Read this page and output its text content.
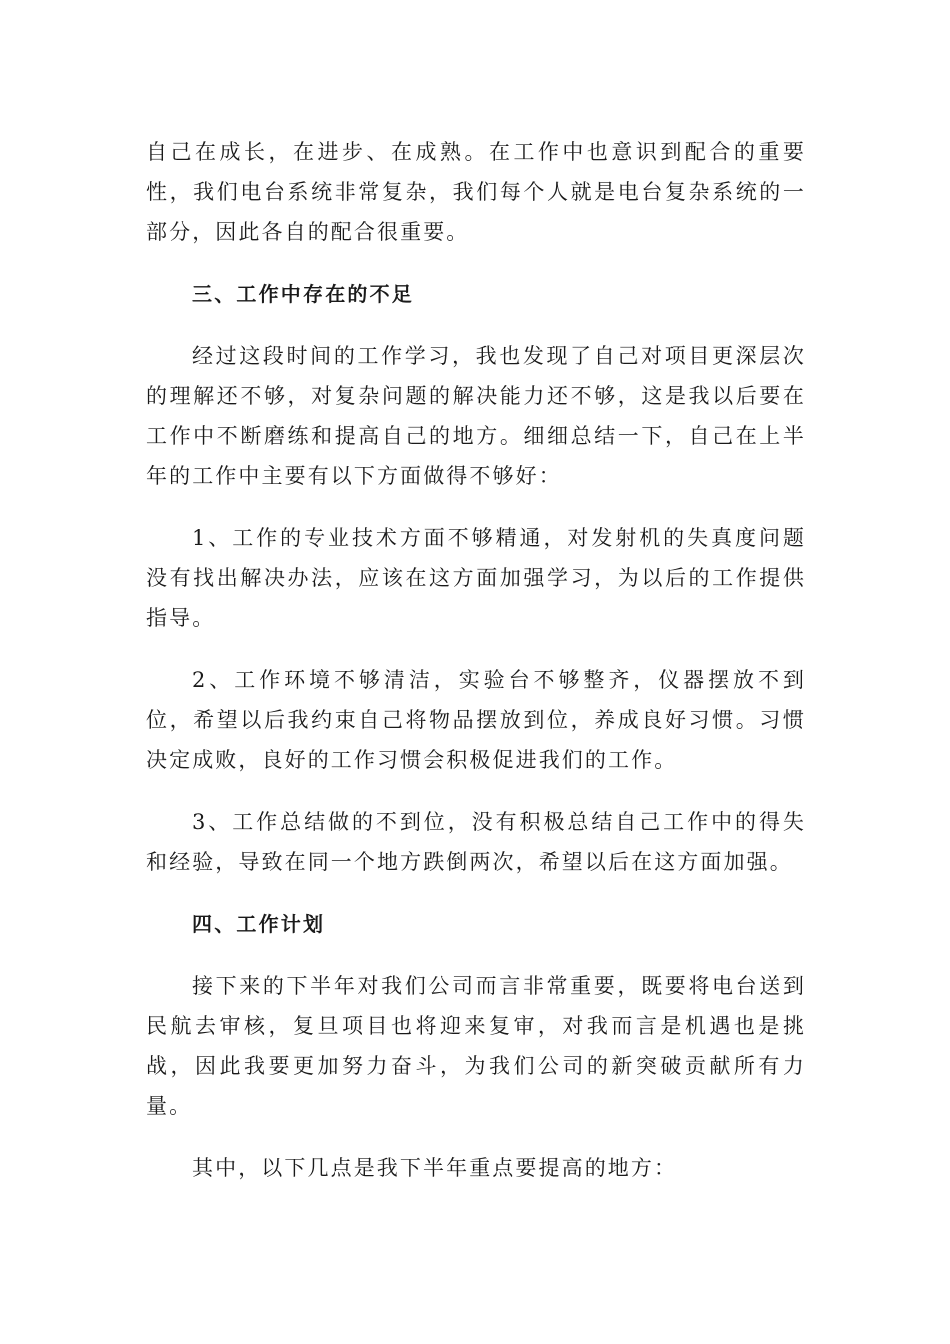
自己在成长，在进步、在成熟。在工作中也意识到配合的重要性，我们电台系统非常复杂，我们每个人就是电台复杂系统的一部分，因此各自的配合很重要。

三、工作中存在的不足

经过这段时间的工作学习，我也发现了自己对项目更深层次的理解还不够，对复杂问题的解决能力还不够，这是我以后要在工作中不断磨练和提高自己的地方。细细总结一下，自己在上半年的工作中主要有以下方面做得不够好：

1、工作的专业技术方面不够精通，对发射机的失真度问题没有找出解决办法，应该在这方面加强学习，为以后的工作提供指导。

2、工作环境不够清洁，实验台不够整齐，仪器摆放不到位，希望以后我约束自己将物品摆放到位，养成良好习惯。习惯决定成败，良好的工作习惯会积极促进我们的工作。

3、工作总结做的不到位，没有积极总结自己工作中的得失和经验，导致在同一个地方跌倒两次，希望以后在这方面加强。

四、工作计划

接下来的下半年对我们公司而言非常重要，既要将电台送到民航去审核，复旦项目也将迎来复审，对我而言是机遇也是挑战，因此我要更加努力奋斗，为我们公司的新突破贡献所有力量。

其中，以下几点是我下半年重点要提高的地方：
